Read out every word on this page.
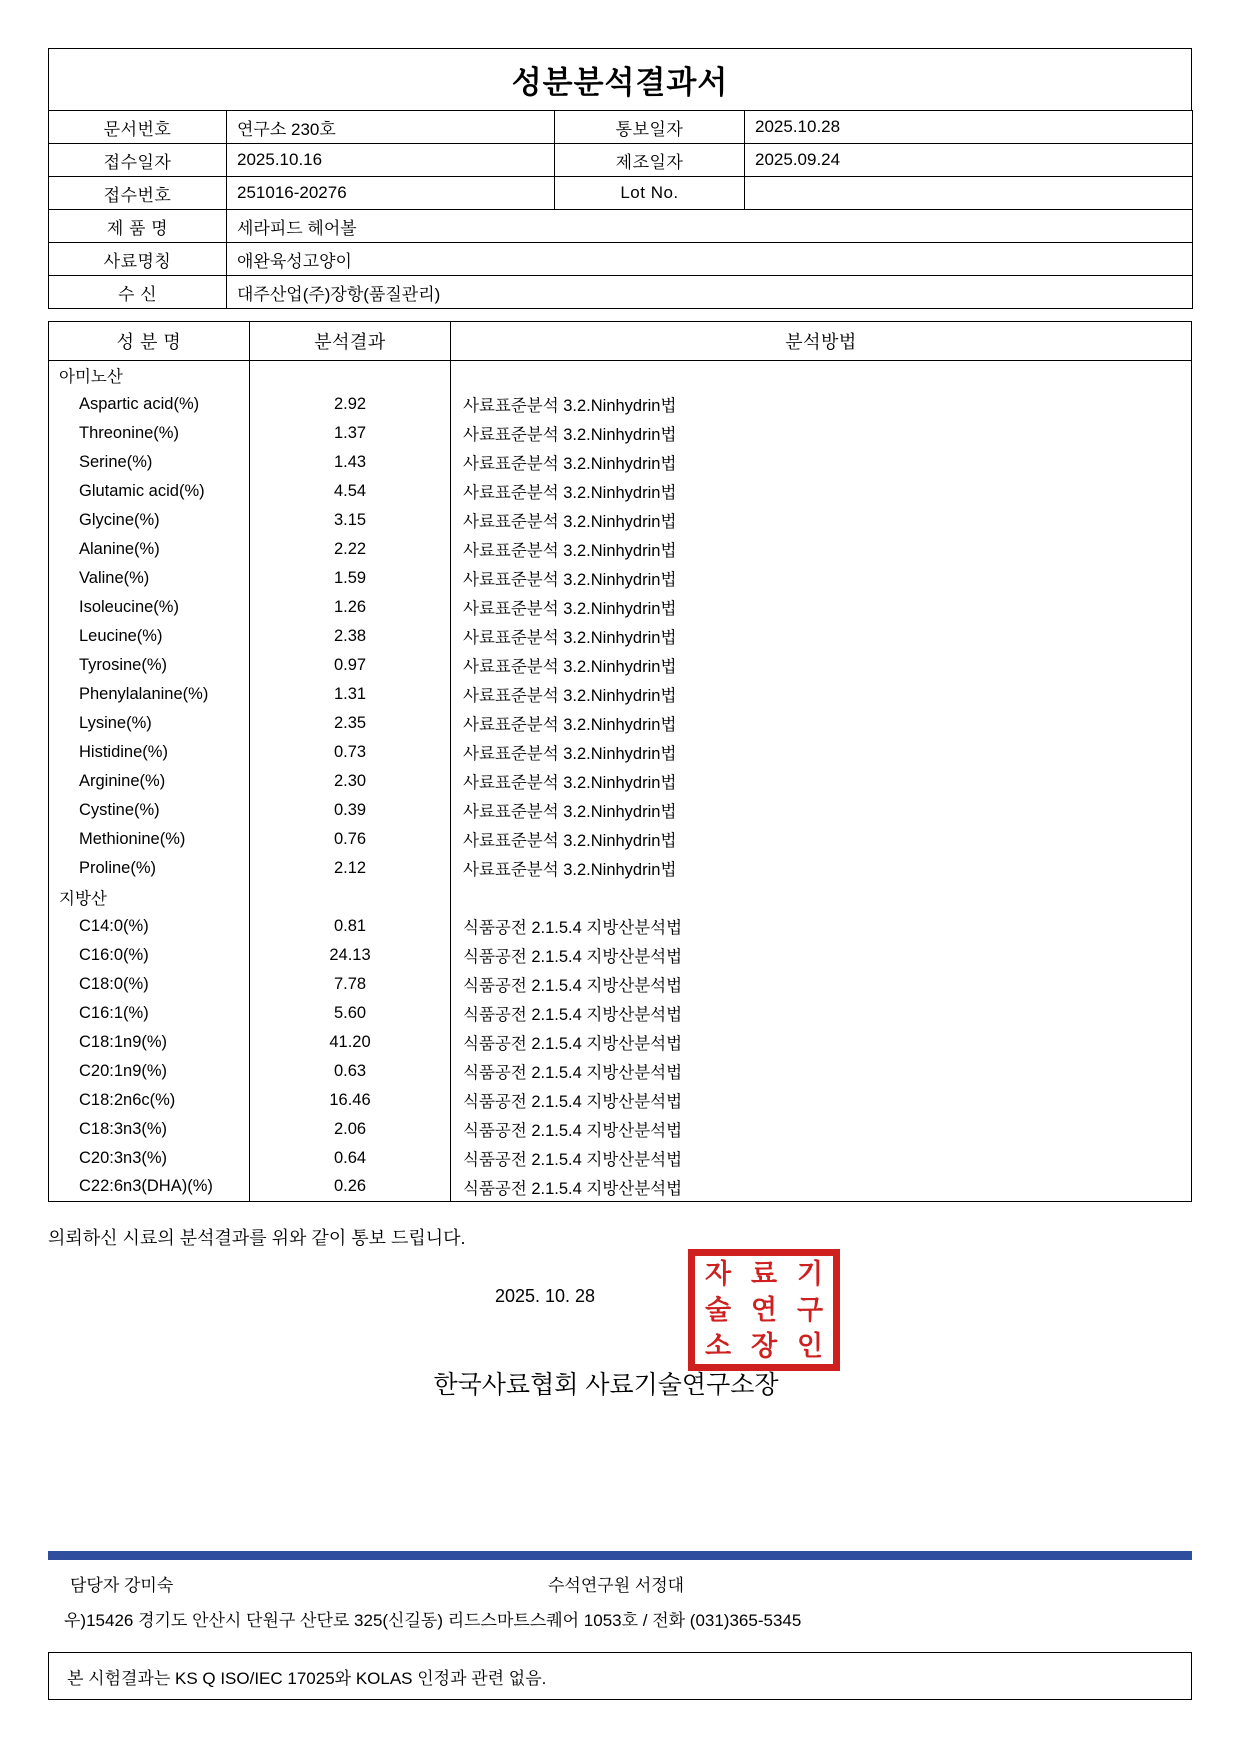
성분분석결과서
문서번호	연구소 230호	통보일자	2025.10.28
접수일자	2025.10.16	제조일자	2025.09.24
접수번호	251016-20276	Lot No.	
제 품 명	세라피드 헤어볼		
사료명칭	애완육성고양이		
수 신	대주산업(주)장항(품질관리)		
성 분 명	분석결과	분석방법
아미노산		
Aspartic acid(%)	2.92	사료표준분석 3.2.Ninhydrin법
Threonine(%)	1.37	사료표준분석 3.2.Ninhydrin법
Serine(%)	1.43	사료표준분석 3.2.Ninhydrin법
Glutamic acid(%)	4.54	사료표준분석 3.2.Ninhydrin법
Glycine(%)	3.15	사료표준분석 3.2.Ninhydrin법
Alanine(%)	2.22	사료표준분석 3.2.Ninhydrin법
Valine(%)	1.59	사료표준분석 3.2.Ninhydrin법
Isoleucine(%)	1.26	사료표준분석 3.2.Ninhydrin법
Leucine(%)	2.38	사료표준분석 3.2.Ninhydrin법
Tyrosine(%)	0.97	사료표준분석 3.2.Ninhydrin법
Phenylalanine(%)	1.31	사료표준분석 3.2.Ninhydrin법
Lysine(%)	2.35	사료표준분석 3.2.Ninhydrin법
Histidine(%)	0.73	사료표준분석 3.2.Ninhydrin법
Arginine(%)	2.30	사료표준분석 3.2.Ninhydrin법
Cystine(%)	0.39	사료표준분석 3.2.Ninhydrin법
Methionine(%)	0.76	사료표준분석 3.2.Ninhydrin법
Proline(%)	2.12	사료표준분석 3.2.Ninhydrin법
지방산		
C14:0(%)	0.81	식품공전 2.1.5.4 지방산분석법
C16:0(%)	24.13	식품공전 2.1.5.4 지방산분석법
C18:0(%)	7.78	식품공전 2.1.5.4 지방산분석법
C16:1(%)	5.60	식품공전 2.1.5.4 지방산분석법
C18:1n9(%)	41.20	식품공전 2.1.5.4 지방산분석법
C20:1n9(%)	0.63	식품공전 2.1.5.4 지방산분석법
C18:2n6c(%)	16.46	식품공전 2.1.5.4 지방산분석법
C18:3n3(%)	2.06	식품공전 2.1.5.4 지방산분석법
C20:3n3(%)	0.64	식품공전 2.1.5.4 지방산분석법
C22:6n3(DHA)(%)	0.26	식품공전 2.1.5.4 지방산분석법
의뢰하신 시료의 분석결과를 위와 같이 통보 드립니다.
2025. 10. 28
한국사료협회 사료기술연구소장
자 료 기
술 연 구
소 장 인
담당자 강미숙	수석연구원 서정대
우)15426 경기도 안산시 단원구 산단로 325(신길동) 리드스마트스퀘어 1053호 / 전화 (031)365-5345
본 시험결과는 KS Q ISO/IEC 17025와 KOLAS 인정과 관련 없음.
